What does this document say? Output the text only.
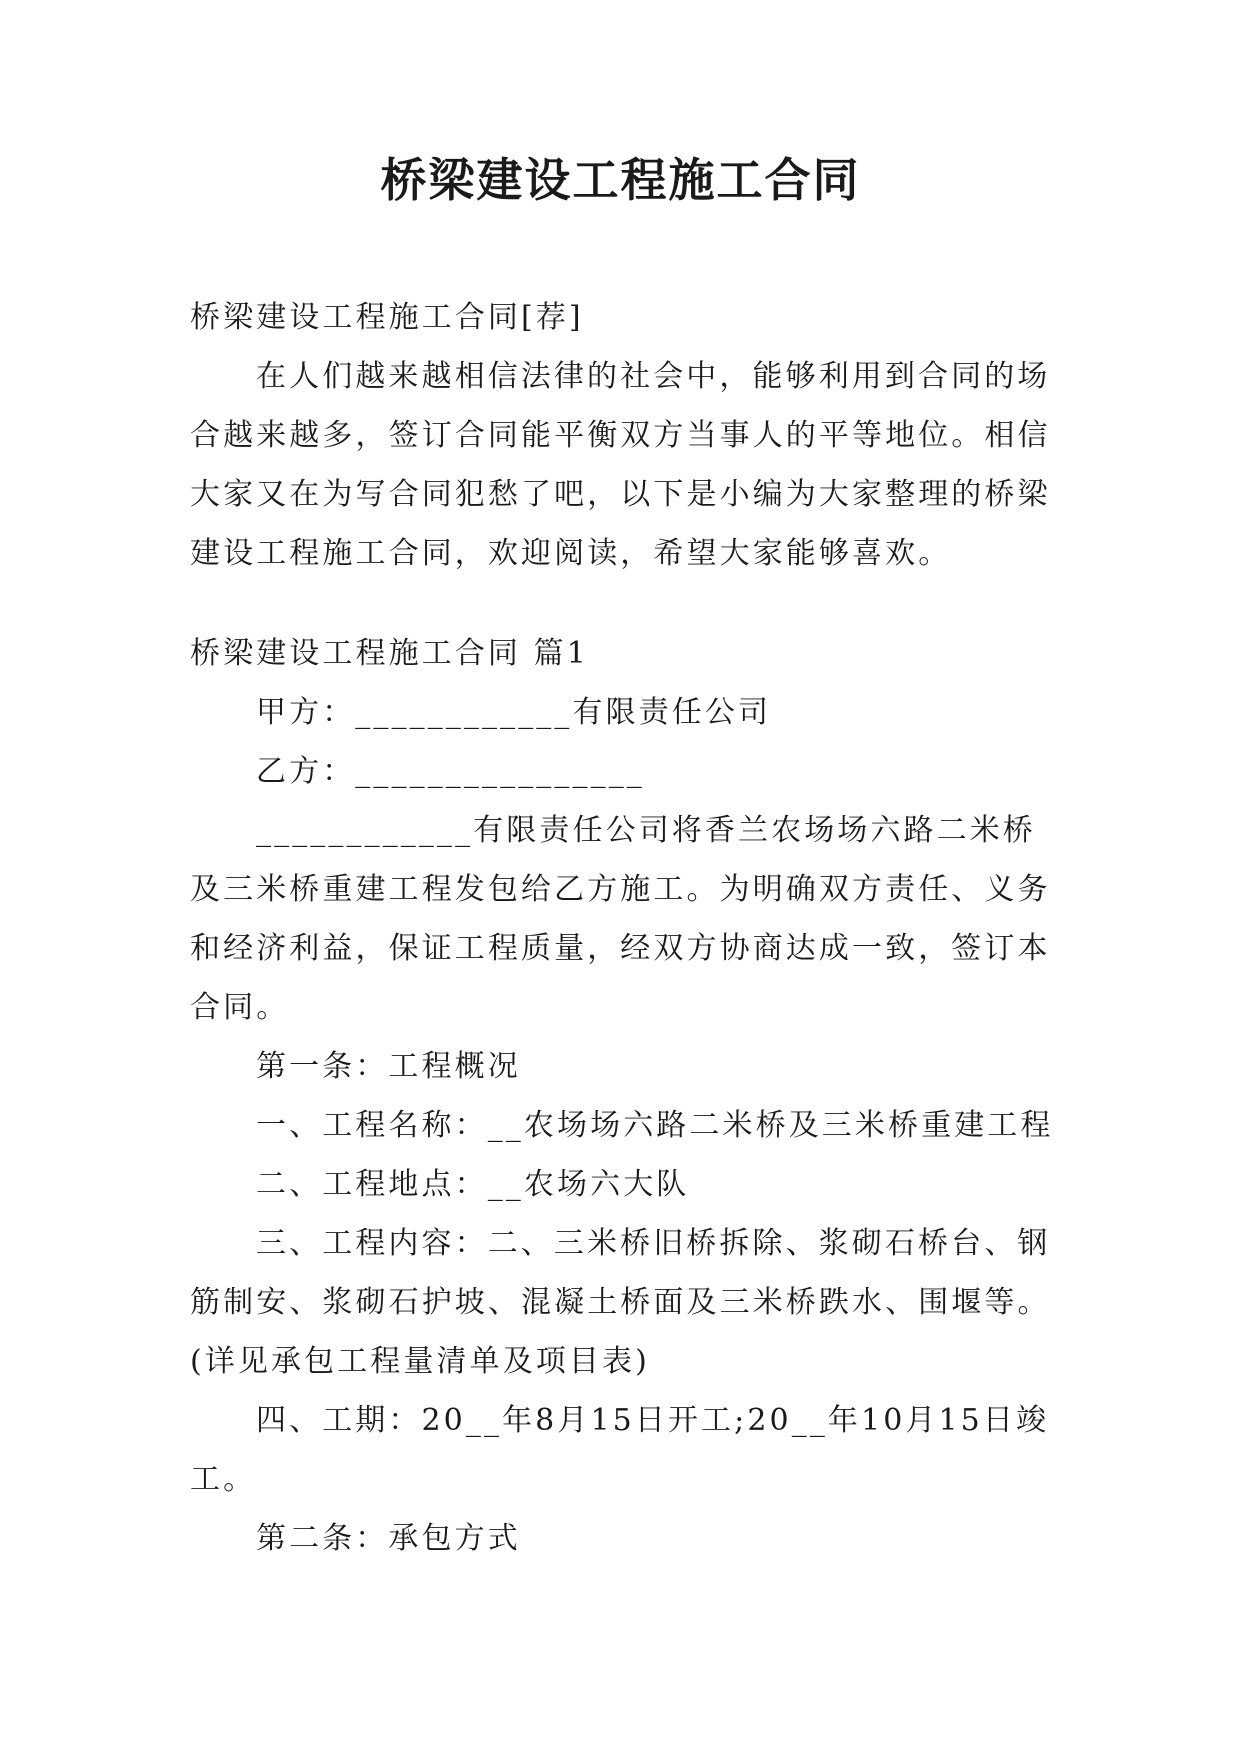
桥梁建设工程施工合同
桥梁建设工程施工合同[荐]
在人们越来越相信法律的社会中，能够利用到合同的场
合越来越多，签订合同能平衡双方当事人的平等地位。相信
大家又在为写合同犯愁了吧，以下是小编为大家整理的桥梁
建设工程施工合同，欢迎阅读，希望大家能够喜欢。
桥梁建设工程施工合同 篇1
甲方：____________有限责任公司
乙方：________________
____________有限责任公司将香兰农场场六路二米桥
及三米桥重建工程发包给乙方施工。为明确双方责任、义务
和经济利益，保证工程质量，经双方协商达成一致，签订本
合同。
第一条：工程概况
一、工程名称：__农场场六路二米桥及三米桥重建工程
二、工程地点：__农场六大队
三、工程内容：二、三米桥旧桥拆除、浆砌石桥台、钢
筋制安、浆砌石护坡、混凝土桥面及三米桥跌水、围堰等。
(详见承包工程量清单及项目表)
四、工期：20__年8月15日开工;20__年10月15日竣
工。
第二条：承包方式
